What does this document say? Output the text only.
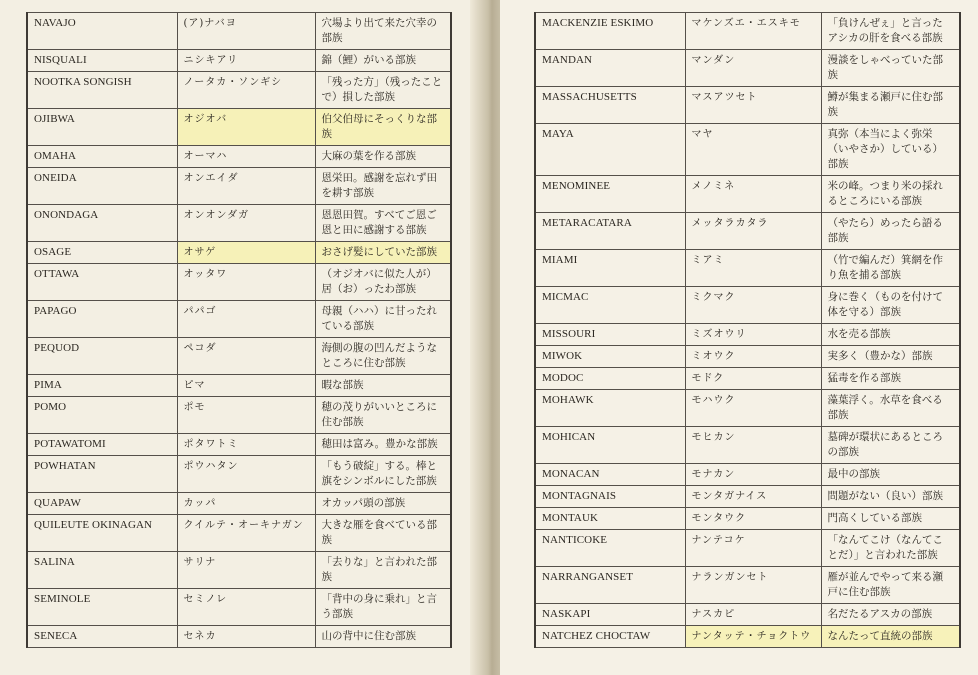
NAVAJO	(ア)ナバヨ	穴場より出て来た穴幸の部族
NISQUALI	ニシキアリ	錦（鯉）がいる部族
NOOTKA SONGISH	ノータカ・ソンギシ	「残った方」（残ったことで）損した部族
OJIBWA	オジオバ	伯父伯母にそっくりな部族
OMAHA	オーマハ	大麻の葉を作る部族
ONEIDA	オンエイダ	恩栄田。感謝を忘れず田を耕す部族
ONONDAGA	オンオンダガ	恩恩田賀。すべてご恩ご恩と田に感謝する部族
OSAGE	オサゲ	おさげ髪にしていた部族
OTTAWA	オッタワ	（オジオバに似た人が）居（お）ったわ部族
PAPAGO	パパゴ	母親（ハハ）に甘ったれている部族
PEQUOD	ペコダ	海側の腹の凹んだようなところに住む部族
PIMA	ピマ	暇な部族
POMO	ポモ	穂の茂りがいいところに住む部族
POTAWATOMI	ポタワトミ	穂田は富み。豊かな部族
POWHATAN	ポウハタン	「もう破綻」する。棒と旗をシンボルにした部族
QUAPAW	カッパ	オカッパ頭の部族
QUILEUTE OKINAGAN	クイルテ・オーキナガン	大きな雁を食べている部族
SALINA	サリナ	「去りな」と言われた部族
SEMINOLE	セミノレ	「背中の身に乗れ」と言う部族
SENECA	セネカ	山の背中に住む部族
MACKENZIE ESKIMO	マケンズエ・エスキモ	「負けんぜぇ」と言ったアシカの肝を食べる部族
MANDAN	マンダン	漫談をしゃべっていた部族
MASSACHUSETTS	マスアツセト	鱒が集まる瀬戸に住む部族
MAYA	マヤ	真弥（本当によく弥栄（いやさか）している）部族
MENOMINEE	メノミネ	米の峰。つまり米の採れるところにいる部族
METARACATARA	メッタラカタラ	（やたら）めったら語る部族
MIAMI	ミアミ	（竹で編んだ）箕網を作り魚を捕る部族
MICMAC	ミクマク	身に巻く（ものを付けて体を守る）部族
MISSOURI	ミズオウリ	水を売る部族
MIWOK	ミオウク	実多く（豊かな）部族
MODOC	モドク	猛毒を作る部族
MOHAWK	モハウク	藻葉浮く。水草を食べる部族
MOHICAN	モヒカン	墓碑が環状にあるところの部族
MONACAN	モナカン	最中の部族
MONTAGNAIS	モンタガナイス	問題がない（良い）部族
MONTAUK	モンタウク	門高くしている部族
NANTICOKE	ナンテコケ	「なんてこけ（なんてことだ）」と言われた部族
NARRANGANSET	ナランガンセト	雁が並んでやって来る瀬戸に住む部族
NASKAPI	ナスカピ	名だたるアスカの部族
NATCHEZ CHOCTAW	ナンタッテ・チョクトウ	なんたって直統の部族
